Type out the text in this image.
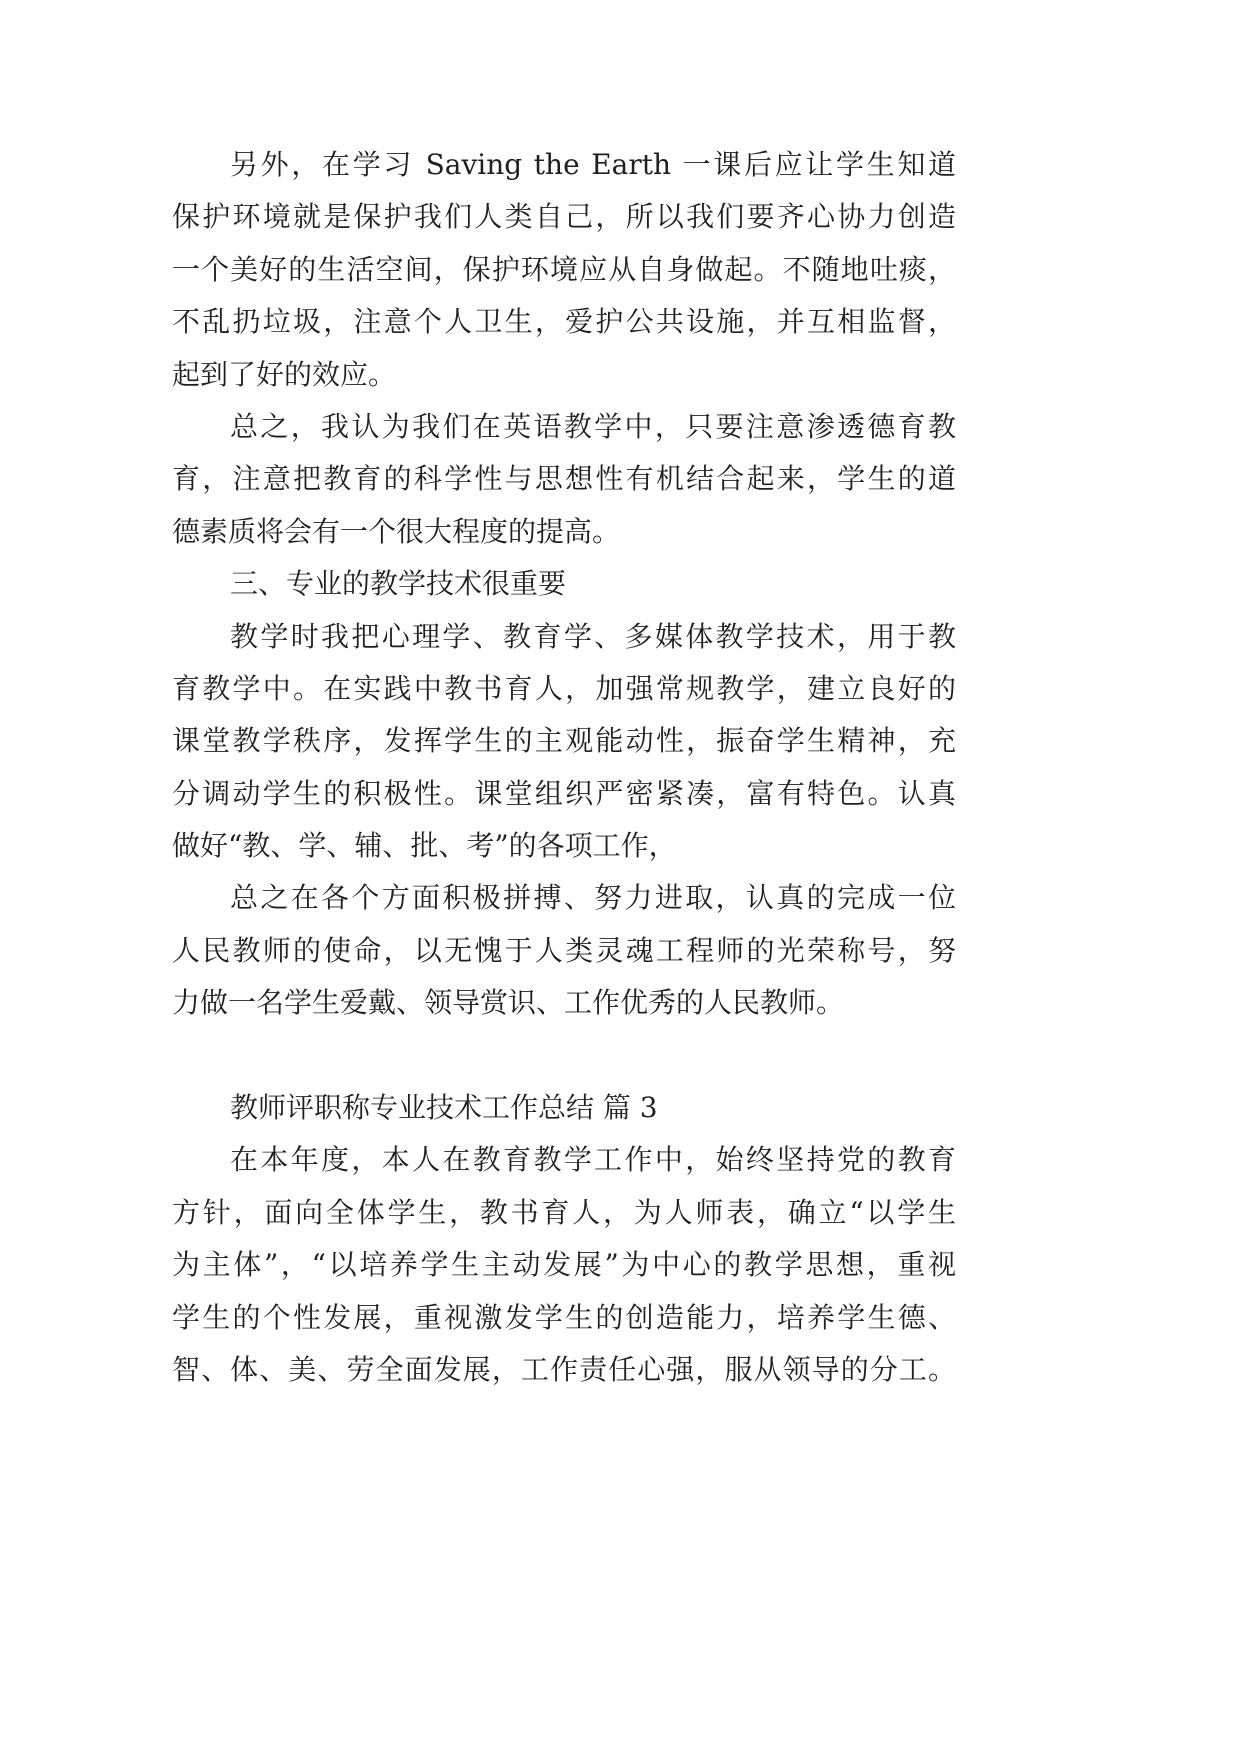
另外，在学习 Saving the Earth 一课后应让学生知道
保护环境就是保护我们人类自己，所以我们要齐心协力创造
一个美好的生活空间，保护环境应从自身做起。不随地吐痰，
不乱扔垃圾，注意个人卫生，爱护公共设施，并互相监督，
起到了好的效应。
总之，我认为我们在英语教学中，只要注意渗透德育教
育，注意把教育的科学性与思想性有机结合起来，学生的道
德素质将会有一个很大程度的提高。
三、专业的教学技术很重要
教学时我把心理学、教育学、多媒体教学技术，用于教
育教学中。在实践中教书育人，加强常规教学，建立良好的
课堂教学秩序，发挥学生的主观能动性，振奋学生精神，充
分调动学生的积极性。课堂组织严密紧凑，富有特色。认真
做好“教、学、辅、批、考”的各项工作，
总之在各个方面积极拼搏、努力进取，认真的完成一位
人民教师的使命，以无愧于人类灵魂工程师的光荣称号，努
力做一名学生爱戴、领导赏识、工作优秀的人民教师。
教师评职称专业技术工作总结 篇 3
在本年度，本人在教育教学工作中，始终坚持党的教育
方针，面向全体学生，教书育人，为人师表，确立“以学生
为主体”，“以培养学生主动发展”为中心的教学思想，重视
学生的个性发展，重视激发学生的创造能力，培养学生德、
智、体、美、劳全面发展，工作责任心强，服从领导的分工。
